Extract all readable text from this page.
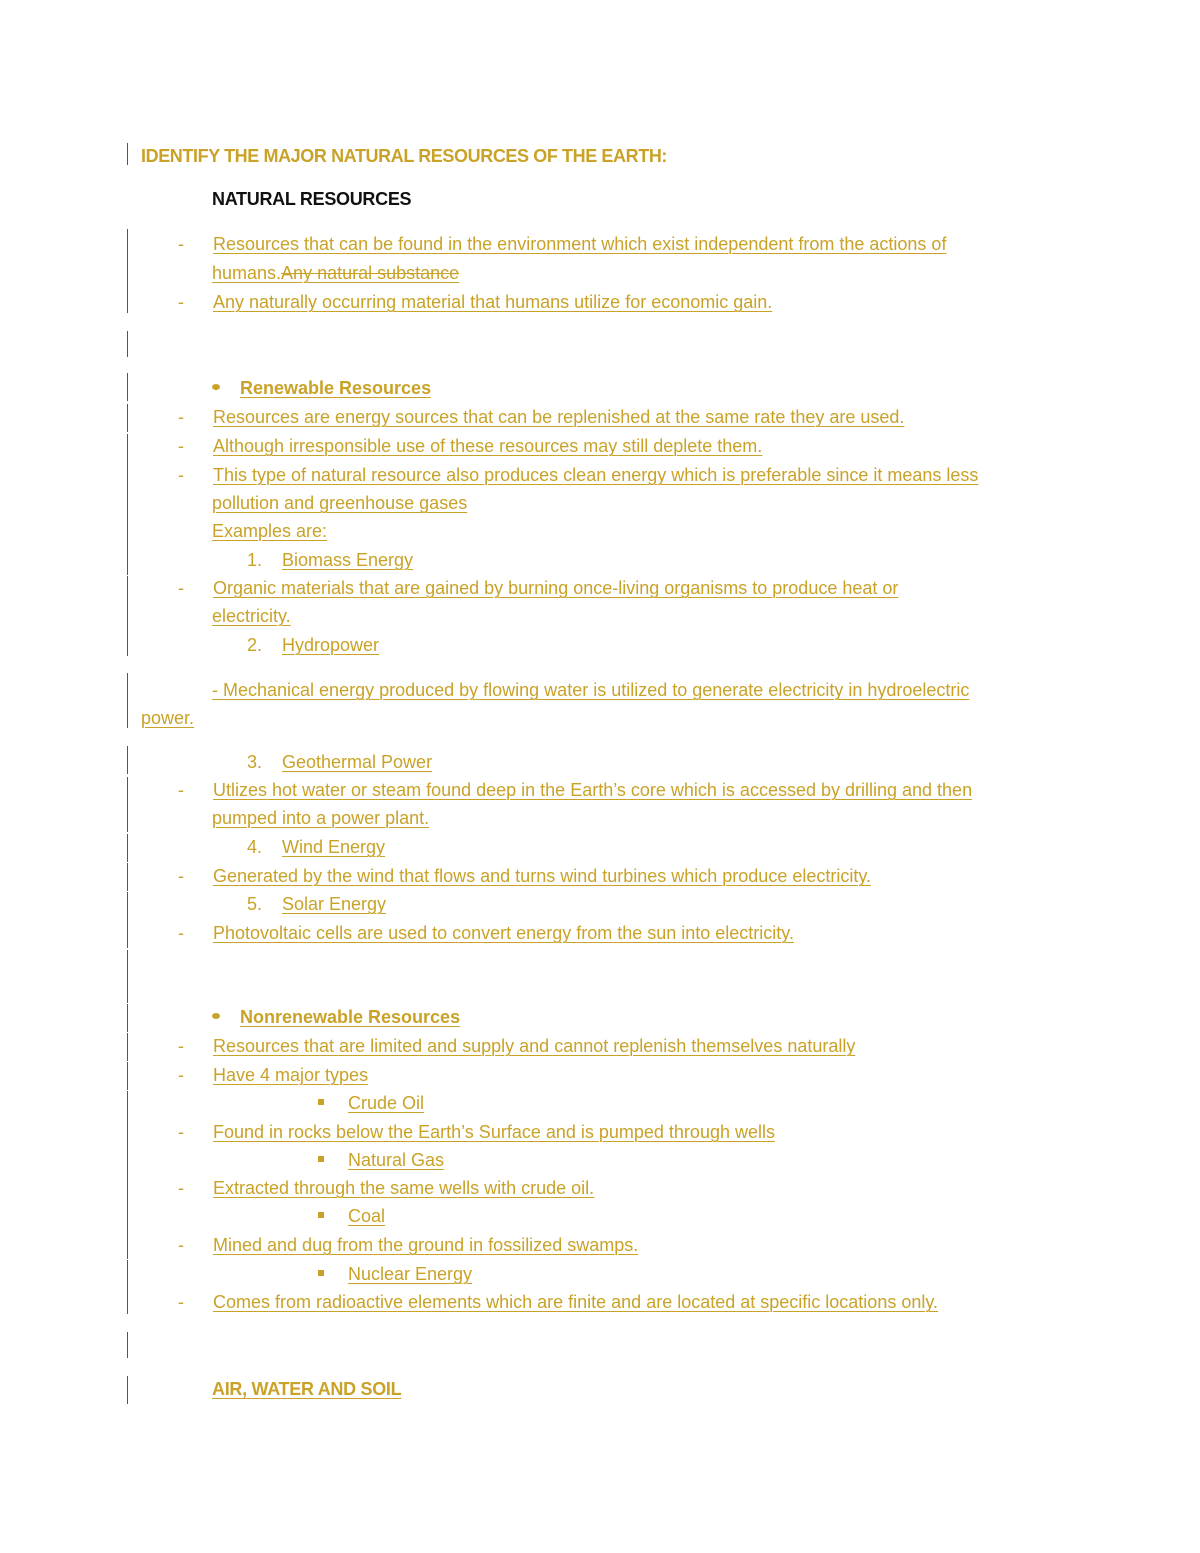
IDENTIFY THE MAJOR NATURAL RESOURCES OF THE EARTH:
NATURAL RESOURCES
- Resources that can be found in the environment which exist independent from the actions of
humans.Any natural substance
- Any naturally occurring material that humans utilize for economic gain.
Renewable Resources
- Resources are energy sources that can be replenished at the same rate they are used.
- Although irresponsible use of these resources may still deplete them.
- This type of natural resource also produces clean energy which is preferable since it means less
pollution and greenhouse gases
Examples are:
1. Biomass Energy
- Organic materials that are gained by burning once-living organisms to produce heat or
electricity.
2. Hydropower
- Mechanical energy produced by flowing water is utilized to generate electricity in hydroelectric
power.
3. Geothermal Power
- Utlizes hot water or steam found deep in the Earth’s core which is accessed by drilling and then
pumped into a power plant.
4. Wind Energy
- Generated by the wind that flows and turns wind turbines which produce electricity.
5. Solar Energy
- Photovoltaic cells are used to convert energy from the sun into electricity.
Nonrenewable Resources
- Resources that are limited and supply and cannot replenish themselves naturally
- Have 4 major types
Crude Oil
- Found in rocks below the Earth’s Surface and is pumped through wells
Natural Gas
- Extracted through the same wells with crude oil.
Coal
- Mined and dug from the ground in fossilized swamps.
Nuclear Energy
- Comes from radioactive elements which are finite and are located at specific locations only.
AIR, WATER AND SOIL
